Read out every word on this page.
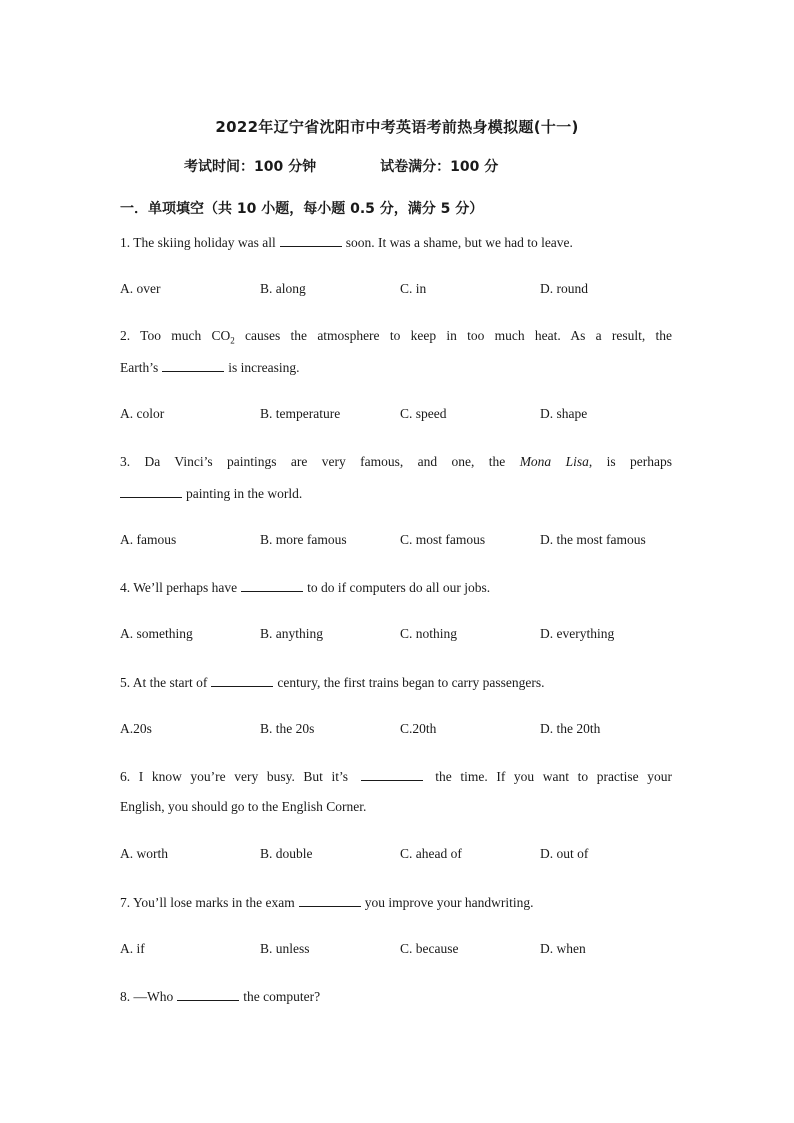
2022年辽宁省沈阳市中考英语考前热身模拟题(十一)
考试时间：100 分钟	试卷满分：100 分
一．单项填空（共 10 小题，每小题 0.5 分，满分 5 分）
1. The skiing holiday was all	soon. It was a shame, but we had to leave.
A. over	B. along	C. in	D. round
2. Too much $CO_2$ causes the atmosphere to keep in too much heat. As a result, the
Earth’s	is increasing.
A. color	B. temperature	C. speed	D. shape
3. Da Vinci’s paintings are very famous, and one, the Mona Lisa, is perhaps
painting in the world.
A. famous	B. more famous	C. most famous	D. the most famous
4. We’ll perhaps have	to do if computers do all our jobs.
A. something	B. anything	C. nothing	D. everything
5. At the start of	century, the first trains began to carry passengers.
A.20s	B. the 20s	C.20th	D. the 20th
6. I know you’re very busy. But it’s	the time. If you want to practise your
English, you should go to the English Corner.
A. worth	B. double	C. ahead of	D. out of
7. You’ll lose marks in the exam	you improve your handwriting.
A. if	B. unless	C. because	D. when
8. —Who	the computer?
